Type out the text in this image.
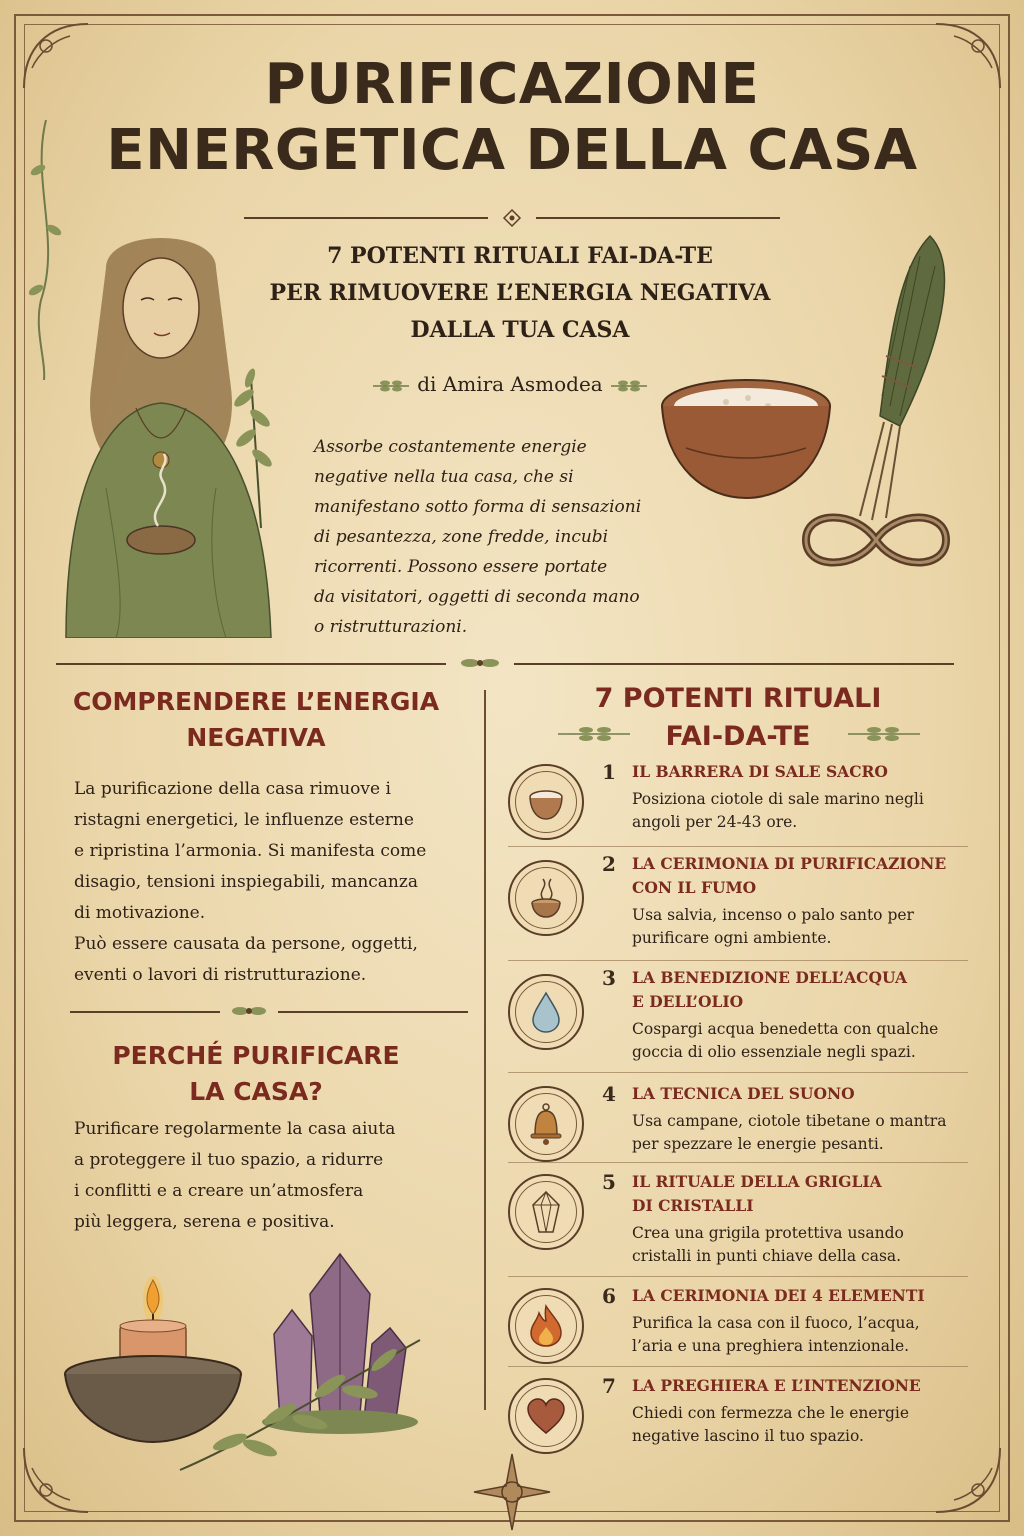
PURIFICAZIONE
ENERGETICA DELLA CASA
7 POTENTI RITUALI FAI-DA-TE
PER RIMUOVERE L’ENERGIA NEGATIVA
DALLA TUA CASA
di Amira Asmodea
Assorbe costantemente energie
negative nella tua casa, che si
manifestano sotto forma di sensazioni
di pesantezza, zone fredde, incubi
ricorrenti. Possono essere portate
da visitatori, oggetti di seconda mano
o ristrutturazioni.
COMPRENDERE L’ENERGIA
NEGATIVA
La purificazione della casa rimuove i
ristagni energetici, le influenze esterne
e ripristina l’armonia. Si manifesta come
disagio, tensioni inspiegabili, mancanza
di motivazione.
Può essere causata da persone, oggetti,
eventi o lavori di ristrutturazione.
PERCHÉ PURIFICARE
LA CASA?
Purificare regolarmente la casa aiuta
a proteggere il tuo spazio, a ridurre
i conflitti e a creare un’atmosfera
più leggera, serena e positiva.
7 POTENTI RITUALI
FAI-DA-TE
1 IL BARRERA DI SALE SACRO
Posiziona ciotole di sale marino negli
angoli per 24-43 ore.
2 LA CERIMONIA DI PURIFICAZIONE
CON IL FUMO
Usa salvia, incenso o palo santo per
purificare ogni ambiente.
3 LA BENEDIZIONE DELL’ACQUA
E DELL’OLIO
Cospargi acqua benedetta con qualche
goccia di olio essenziale negli spazi.
4 LA TECNICA DEL SUONO
Usa campane, ciotole tibetane o mantra
per spezzare le energie pesanti.
5 IL RITUALE DELLA GRIGLIA
DI CRISTALLI
Crea una grigila protettiva usando
cristalli in punti chiave della casa.
6 LA CERIMONIA DEI 4 ELEMENTI
Purifica la casa con il fuoco, l’acqua,
l’aria e una preghiera intenzionale.
7 LA PREGHIERA E L’INTENZIONE
Chiedi con fermezza che le energie
negative lascino il tuo spazio.
